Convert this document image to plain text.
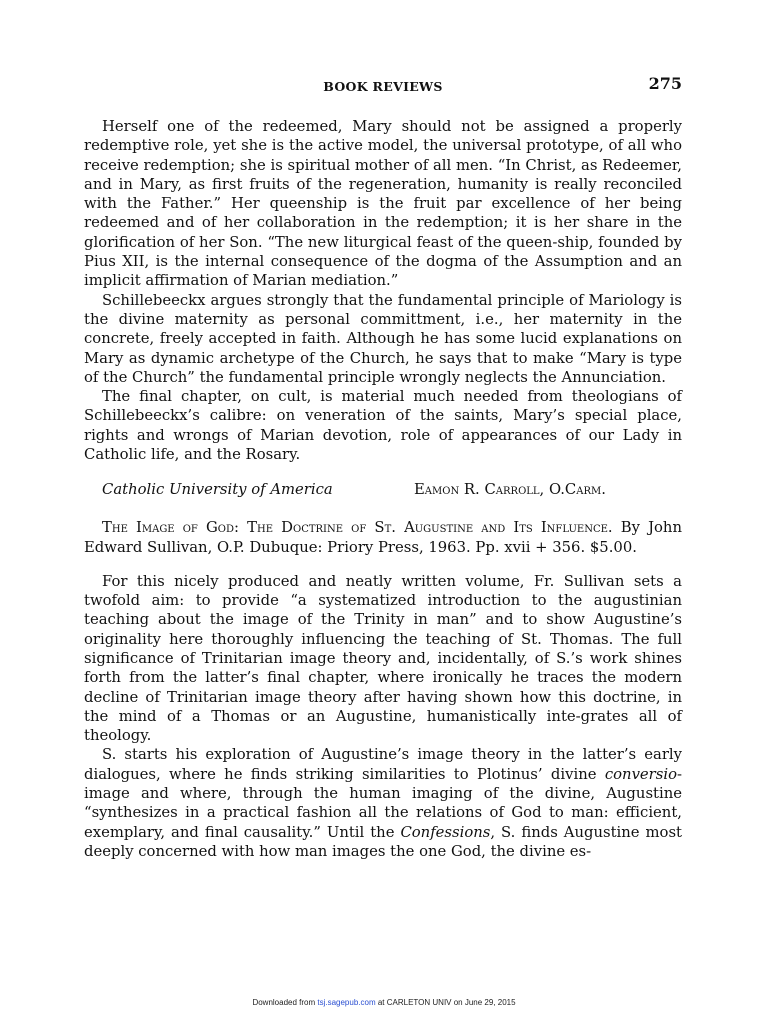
BOOK REVIEWS	275

Herself one of the redeemed, Mary should not be assigned a properly redemptive role, yet she is the active model, the universal prototype, of all who receive redemption; she is spiritual mother of all men. “In Christ, as Redeemer, and in Mary, as first fruits of the regeneration, humanity is really reconciled with the Father.” Her queenship is the fruit par excellence of her being redeemed and of her collaboration in the redemption; it is her share in the glorification of her Son. “The new liturgical feast of the queen-ship, founded by Pius XII, is the internal consequence of the dogma of the Assumption and an implicit affirmation of Marian mediation.”

Schillebeeckx argues strongly that the fundamental principle of Mariology is the divine maternity as personal committment, i.e., her maternity in the concrete, freely accepted in faith. Although he has some lucid explanations on Mary as dynamic archetype of the Church, he says that to make “Mary is type of the Church” the fundamental principle wrongly neglects the Annunciation.

The final chapter, on cult, is material much needed from theologians of Schillebeeckx’s calibre: on veneration of the saints, Mary’s special place, rights and wrongs of Marian devotion, role of appearances of our Lady in Catholic life, and the Rosary.

Catholic University of America	Eamon R. Carroll, O.Carm.

The Image of God: The Doctrine of St. Augustine and Its Influence. By John Edward Sullivan, O.P. Dubuque: Priory Press, 1963. Pp. xvii + 356. $5.00.

For this nicely produced and neatly written volume, Fr. Sullivan sets a twofold aim: to provide “a systematized introduction to the augustinian teaching about the image of the Trinity in man” and to show Augustine’s originality here thoroughly influencing the teaching of St. Thomas. The full significance of Trinitarian image theory and, incidentally, of S.’s work shines forth from the latter’s final chapter, where ironically he traces the modern decline of Trinitarian image theory after having shown how this doctrine, in the mind of a Thomas or an Augustine, humanistically inte-grates all of theology.

S. starts his exploration of Augustine’s image theory in the latter’s early dialogues, where he finds striking similarities to Plotinus’ divine conversio-image and where, through the human imaging of the divine, Augustine “synthesizes in a practical fashion all the relations of God to man: efficient, exemplary, and final causality.” Until the Confessions, S. finds Augustine most deeply concerned with how man images the one God, the divine es-

Downloaded from tsj.sagepub.com at CARLETON UNIV on June 29, 2015
